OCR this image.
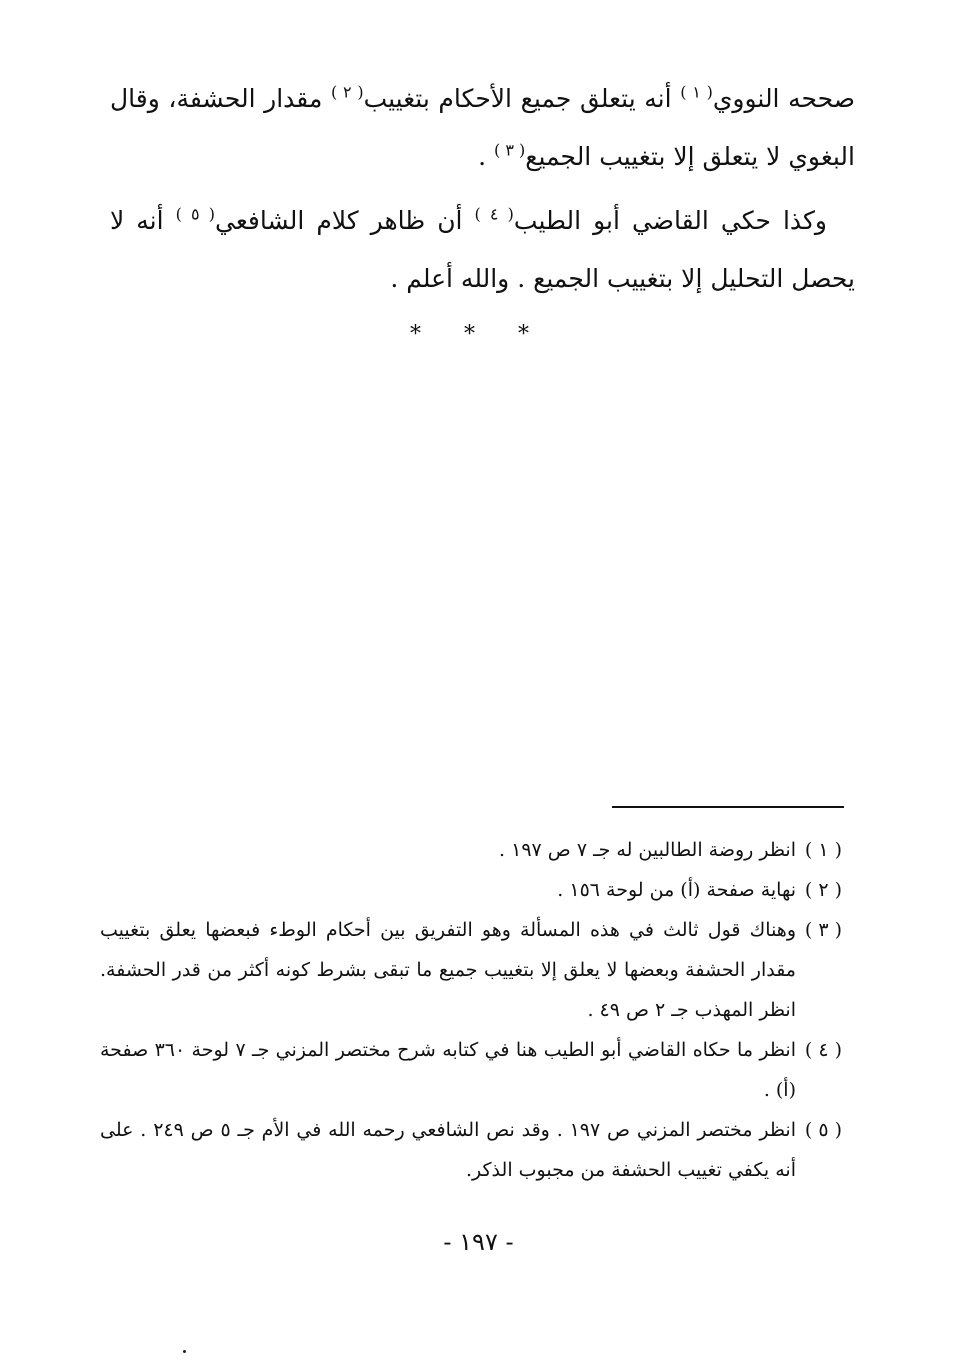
صححه النووي$^{( ١ )}$ أنه يتعلق جميع الأحكام بتغييب$^{( ٢ )}$ مقدار الحشفة، وقال البغوي لا يتعلق إلا بتغييب الجميع$^{( ٣ )}$ .

وكذا حكي القاضي أبو الطيب$^{( ٤ )}$ أن ظاهر كلام الشافعي$^{( ٥ )}$ أنه لا يحصل التحليل إلا بتغييب الجميع . والله أعلم .

* * *
( ١ )
انظر روضة الطالبين له جـ ٧ ص ١٩٧ .
( ٢ )
نهاية صفحة (أ) من لوحة ١٥٦ .
( ٣ )
وهناك قول ثالث في هذه المسألة وهو التفريق بين أحكام الوطء فبعضها يعلق بتغييب مقدار الحشفة وبعضها لا يعلق إلا بتغييب جميع ما تبقى بشرط كونه أكثر من قدر الحشفة. انظر المهذب جـ ٢ ص ٤٩ .
( ٤ )
انظر ما حكاه القاضي أبو الطيب هنا في كتابه شرح مختصر المزني جـ ٧ لوحة ٣٦٠ صفحة (أ) .
( ٥ )
انظر مختصر المزني ص ١٩٧ . وقد نص الشافعي رحمه الله في الأم جـ ٥ ص ٢٤٩ . على أنه يكفي تغييب الحشفة من مجبوب الذكر.
- ١٩٧ -
